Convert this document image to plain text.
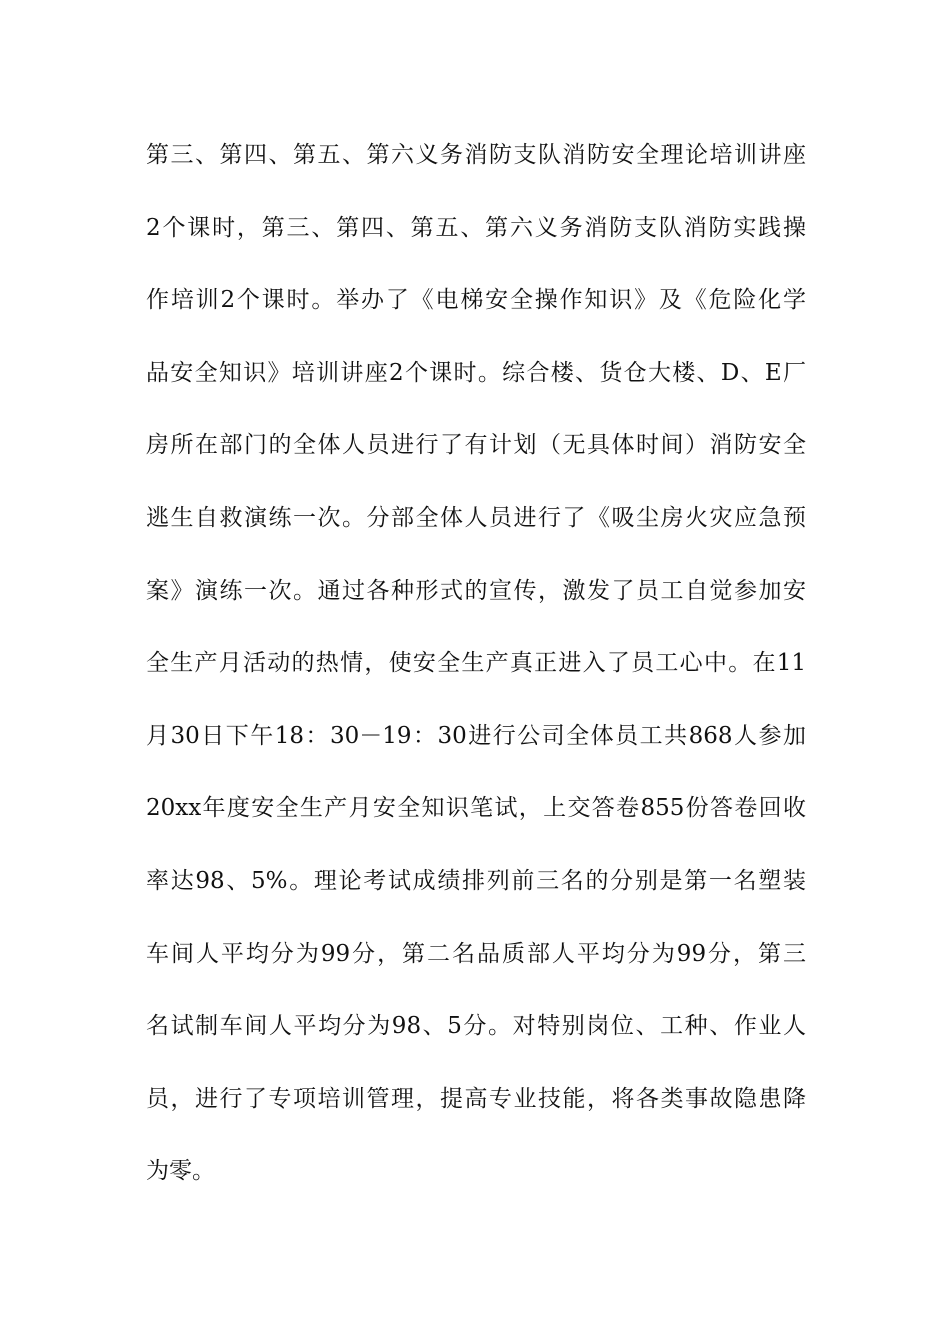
第三、第四、第五、第六义务消防支队消防安全理论培训讲座
2个课时，第三、第四、第五、第六义务消防支队消防实践操
作培训2个课时。举办了《电梯安全操作知识》及《危险化学
品安全知识》培训讲座2个课时。综合楼、货仓大楼、D、E厂
房所在部门的全体人员进行了有计划（无具体时间）消防安全
逃生自救演练一次。分部全体人员进行了《吸尘房火灾应急预
案》演练一次。通过各种形式的宣传，激发了员工自觉参加安
全生产月活动的热情，使安全生产真正进入了员工心中。在11
月30日下午18：30－19：30进行公司全体员工共868人参加
20xx年度安全生产月安全知识笔试，上交答卷855份答卷回收
率达98、5%。理论考试成绩排列前三名的分别是第一名塑装
车间人平均分为99分，第二名品质部人平均分为99分，第三
名试制车间人平均分为98、5分。对特别岗位、工种、作业人
员，进行了专项培训管理，提高专业技能，将各类事故隐患降
为零。
